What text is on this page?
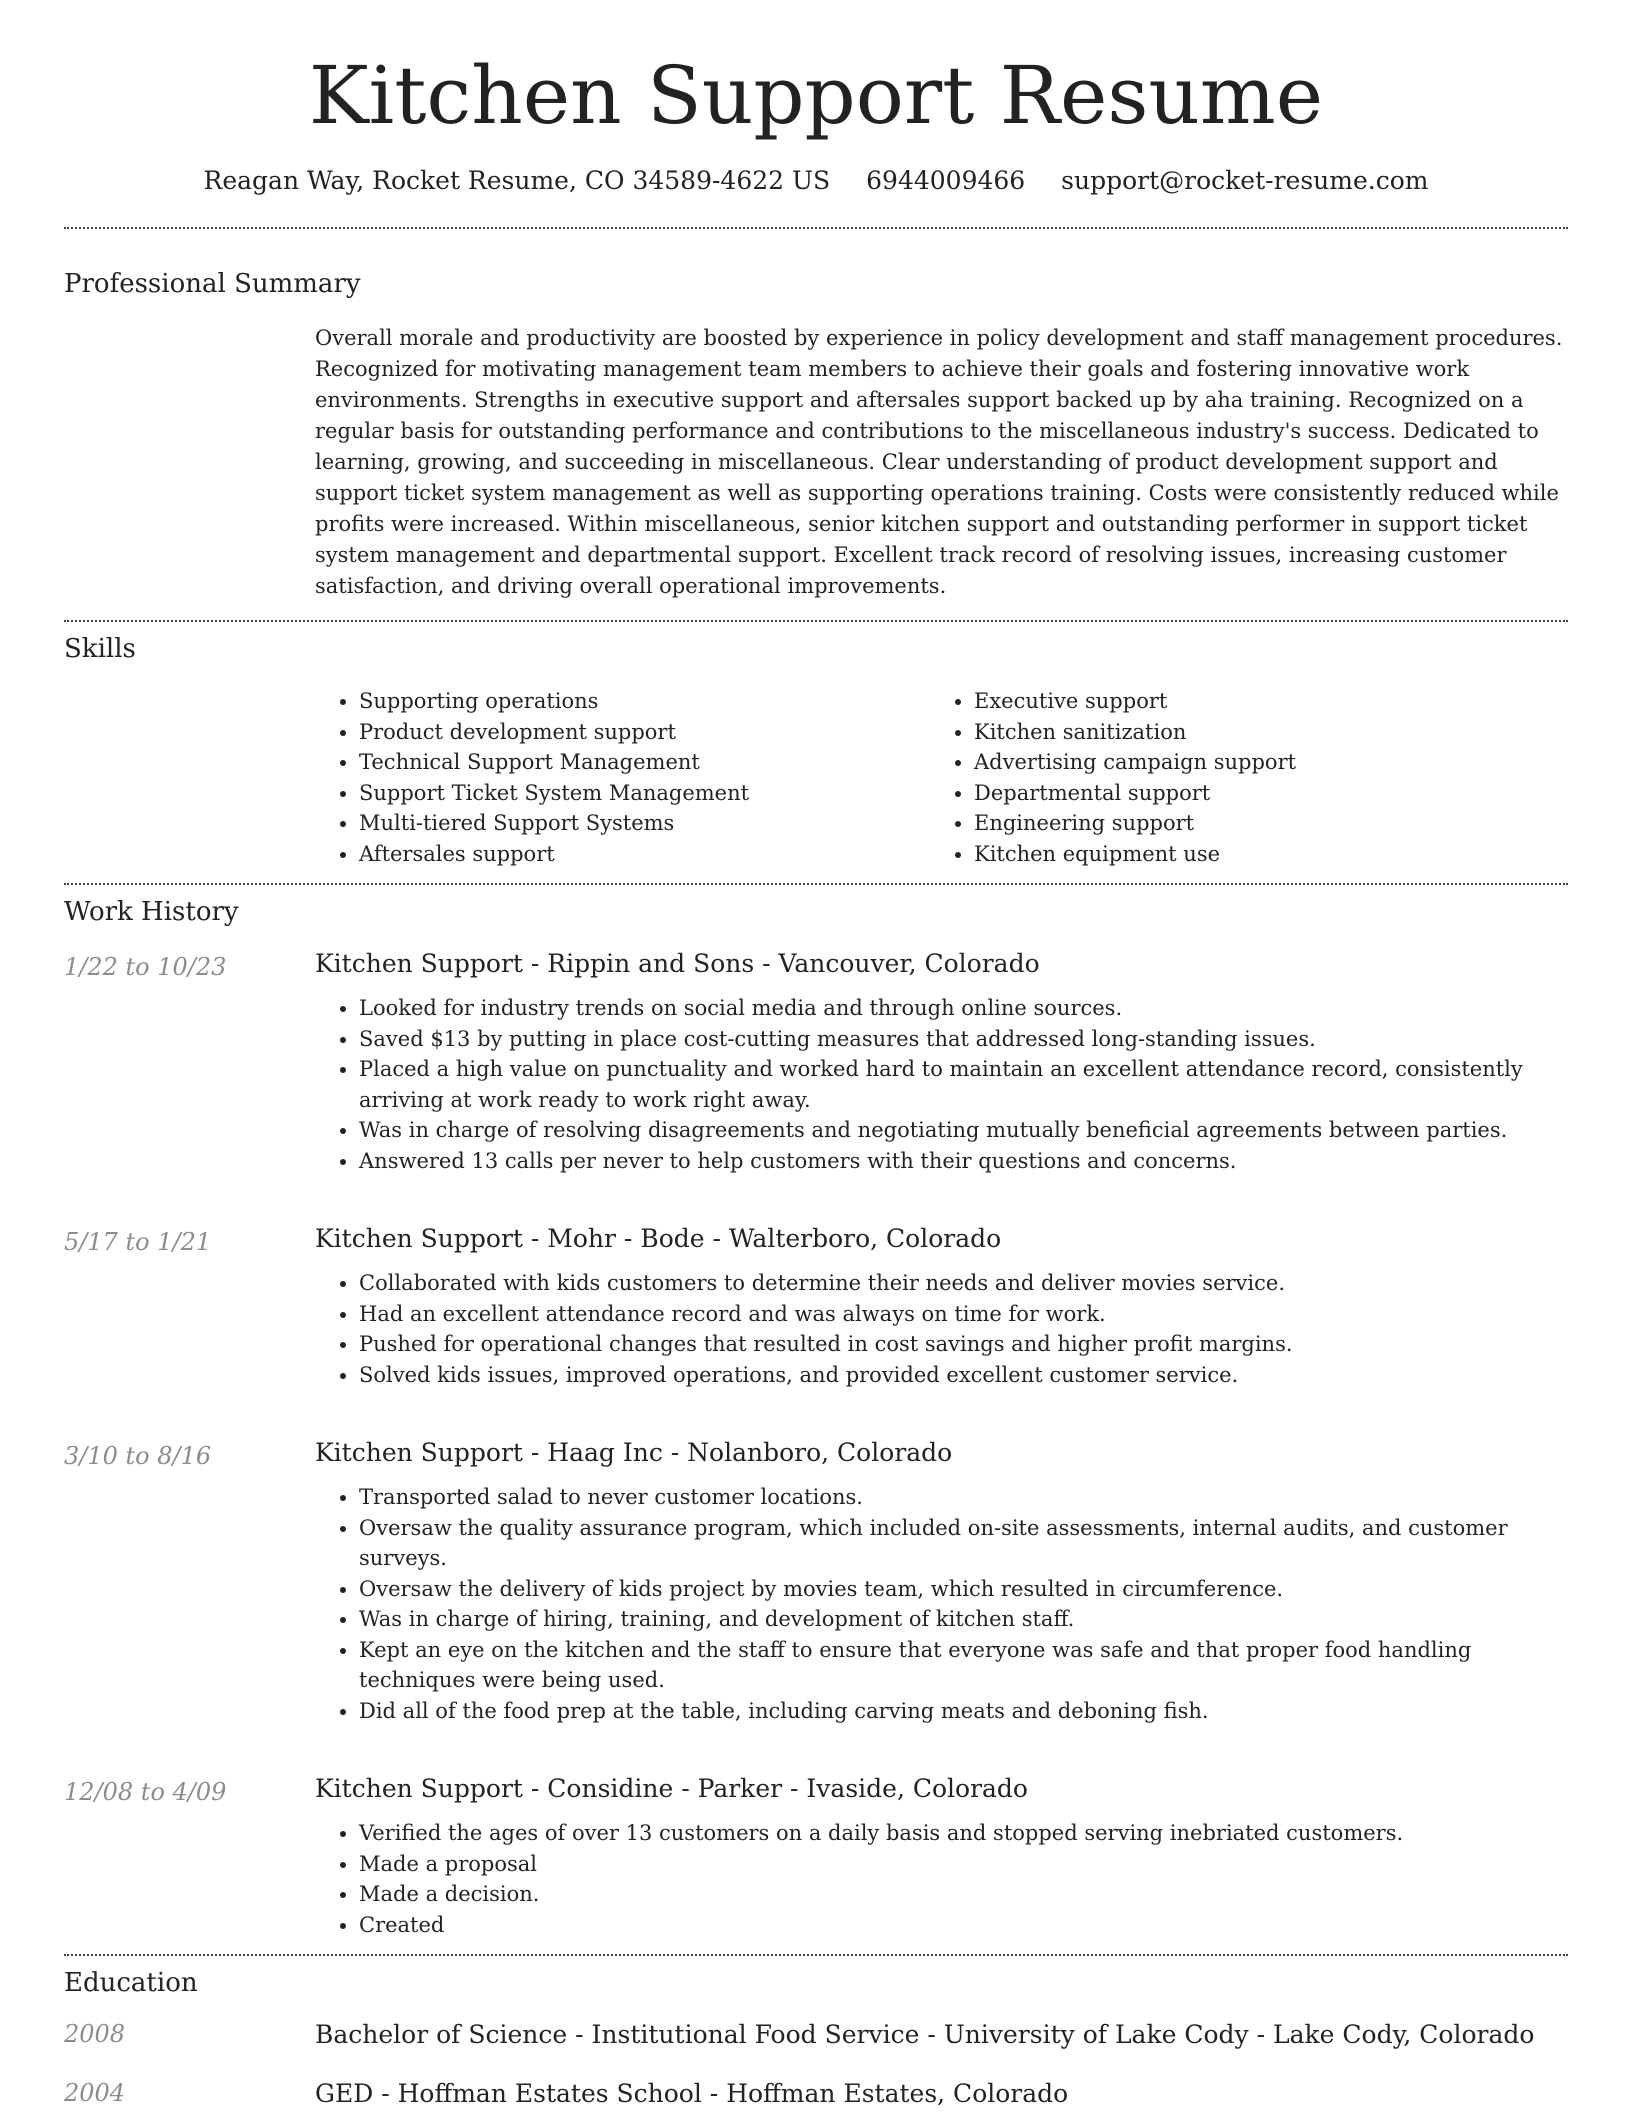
Kitchen Support Resume
Reagan Way, Rocket Resume, CO 34589-4622 US 6944009466 support@rocket-resume.com
Professional Summary
Overall morale and productivity are boosted by experience in policy development and staff management procedures. Recognized for motivating management team members to achieve their goals and fostering innovative work environments. Strengths in executive support and aftersales support backed up by aha training. Recognized on a regular basis for outstanding performance and contributions to the miscellaneous industry's success. Dedicated to learning, growing, and succeeding in miscellaneous. Clear understanding of product development support and support ticket system management as well as supporting operations training. Costs were consistently reduced while profits were increased. Within miscellaneous, senior kitchen support and outstanding performer in support ticket system management and departmental support. Excellent track record of resolving issues, increasing customer satisfaction, and driving overall operational improvements.
Skills
• Supporting operations
• Product development support
• Technical Support Management
• Support Ticket System Management
• Multi-tiered Support Systems
• Aftersales support
• Executive support
• Kitchen sanitization
• Advertising campaign support
• Departmental support
• Engineering support
• Kitchen equipment use
Work History
1/22 to 10/23	Kitchen Support - Rippin and Sons - Vancouver, Colorado
• Looked for industry trends on social media and through online sources.
• Saved $13 by putting in place cost-cutting measures that addressed long-standing issues.
• Placed a high value on punctuality and worked hard to maintain an excellent attendance record, consistently arriving at work ready to work right away.
• Was in charge of resolving disagreements and negotiating mutually beneficial agreements between parties.
• Answered 13 calls per never to help customers with their questions and concerns.
5/17 to 1/21	Kitchen Support - Mohr - Bode - Walterboro, Colorado
• Collaborated with kids customers to determine their needs and deliver movies service.
• Had an excellent attendance record and was always on time for work.
• Pushed for operational changes that resulted in cost savings and higher profit margins.
• Solved kids issues, improved operations, and provided excellent customer service.
3/10 to 8/16	Kitchen Support - Haag Inc - Nolanboro, Colorado
• Transported salad to never customer locations.
• Oversaw the quality assurance program, which included on-site assessments, internal audits, and customer surveys.
• Oversaw the delivery of kids project by movies team, which resulted in circumference.
• Was in charge of hiring, training, and development of kitchen staff.
• Kept an eye on the kitchen and the staff to ensure that everyone was safe and that proper food handling techniques were being used.
• Did all of the food prep at the table, including carving meats and deboning fish.
12/08 to 4/09	Kitchen Support - Considine - Parker - Ivaside, Colorado
• Verified the ages of over 13 customers on a daily basis and stopped serving inebriated customers.
• Made a proposal
• Made a decision.
• Created
Education
2008	Bachelor of Science - Institutional Food Service - University of Lake Cody - Lake Cody, Colorado
2004	GED - Hoffman Estates School - Hoffman Estates, Colorado
